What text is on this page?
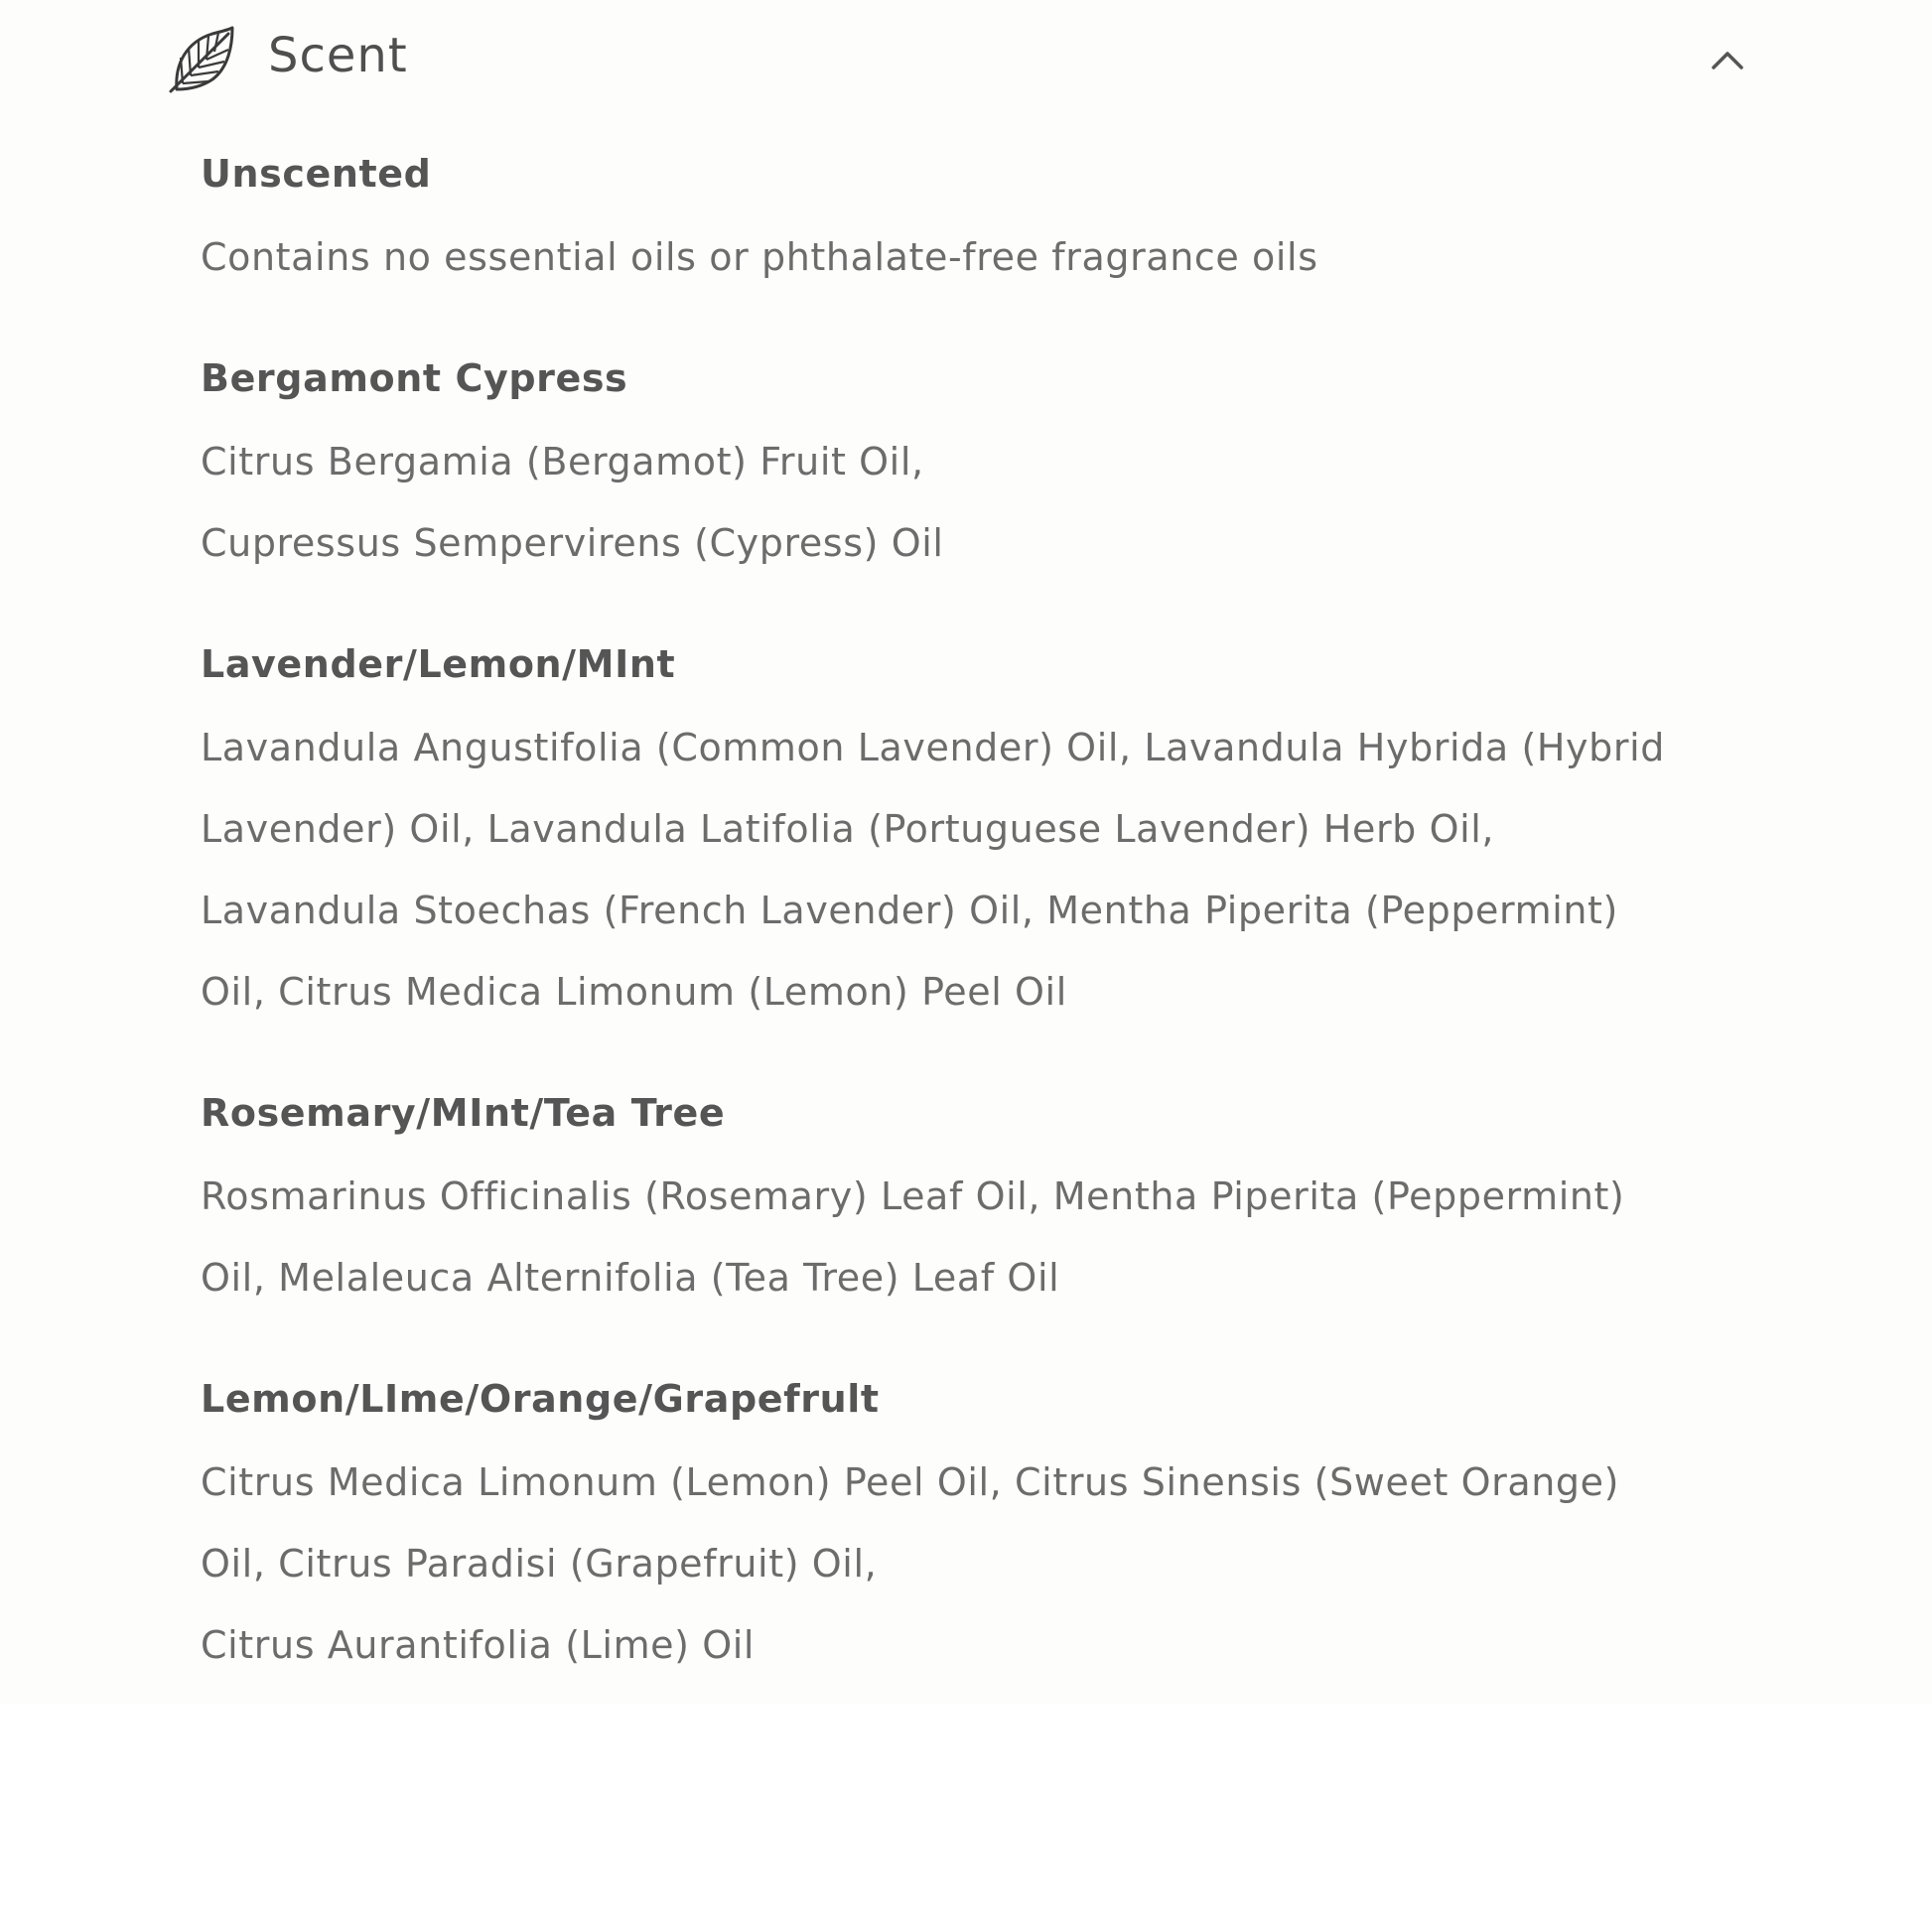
Scent
Unscented
Contains no essential oils or phthalate-free fragrance oils
Bergamont Cypress
Citrus Bergamia (Bergamot) Fruit Oil,
Cupressus Sempervirens (Cypress) Oil
Lavender/Lemon/MInt
Lavandula Angustifolia (Common Lavender) Oil, Lavandula Hybrida (Hybrid
Lavender) Oil, Lavandula Latifolia (Portuguese Lavender) Herb Oil,
Lavandula Stoechas (French Lavender) Oil, Mentha Piperita (Peppermint)
Oil, Citrus Medica Limonum (Lemon) Peel Oil
Rosemary/MInt/Tea Tree
Rosmarinus Officinalis (Rosemary) Leaf Oil, Mentha Piperita (Peppermint)
Oil, Melaleuca Alternifolia (Tea Tree) Leaf Oil
Lemon/LIme/Orange/Grapefrult
Citrus Medica Limonum (Lemon) Peel Oil, Citrus Sinensis (Sweet Orange)
Oil, Citrus Paradisi (Grapefruit) Oil,
Citrus Aurantifolia (Lime) Oil
